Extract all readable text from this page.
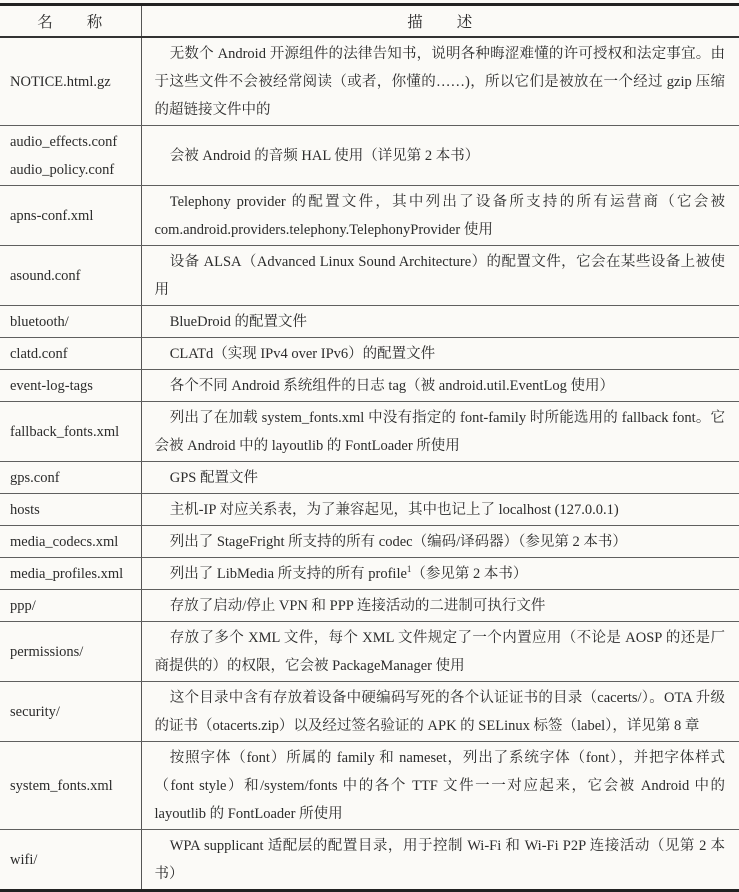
名　　称	描　　述

NOTICE.html.gz	无数个 Android 开源组件的法律告知书，说明各种晦涩难懂的许可授权和法定事宜。由于这些文件不会被经常阅读（或者，你懂的……)，所以它们是被放在一个经过 gzip 压缩的超链接文件中的

audio_effects.conf
audio_policy.conf	会被 Android 的音频 HAL 使用（详见第 2 本书）

apns-conf.xml	Telephony provider 的配置文件，其中列出了设备所支持的所有运营商（它会被 com.android.providers.telephony.TelephonyProvider 使用

asound.conf	设备 ALSA（Advanced Linux Sound Architecture）的配置文件，它会在某些设备上被使用

bluetooth/	BlueDroid 的配置文件

clatd.conf	CLATd（实现 IPv4 over IPv6）的配置文件

event-log-tags	各个不同 Android 系统组件的日志 tag（被 android.util.EventLog 使用）

fallback_fonts.xml	列出了在加载 system_fonts.xml 中没有指定的 font-family 时所能选用的 fallback font。它会被 Android 中的 layoutlib 的 FontLoader 所使用

gps.conf	GPS 配置文件

hosts	主机-IP 对应关系表，为了兼容起见，其中也记上了 localhost (127.0.0.1)

media_codecs.xml	列出了 StageFright 所支持的所有 codec（编码/译码器）（参见第 2 本书）

media_profiles.xml	列出了 LibMedia 所支持的所有 profile$^1$（参见第 2 本书）

ppp/	存放了启动/停止 VPN 和 PPP 连接活动的二进制可执行文件

permissions/	存放了多个 XML 文件，每个 XML 文件规定了一个内置应用（不论是 AOSP 的还是厂商提供的）的权限，它会被 PackageManager 使用

security/	这个目录中含有存放着设备中硬编码写死的各个认证证书的目录（cacerts/）。OTA 升级的证书（otacerts.zip）以及经过签名验证的 APK 的 SELinux 标签（label），详见第 8 章

system_fonts.xml	按照字体（font）所属的 family 和 nameset，列出了系统字体（font），并把字体样式（font style）和/system/fonts 中的各个 TTF 文件一一对应起来，它会被 Android 中的 layoutlib 的 FontLoader 所使用

wifi/	WPA supplicant 适配层的配置目录，用于控制 Wi-Fi 和 Wi-Fi P2P 连接活动（见第 2 本书）
